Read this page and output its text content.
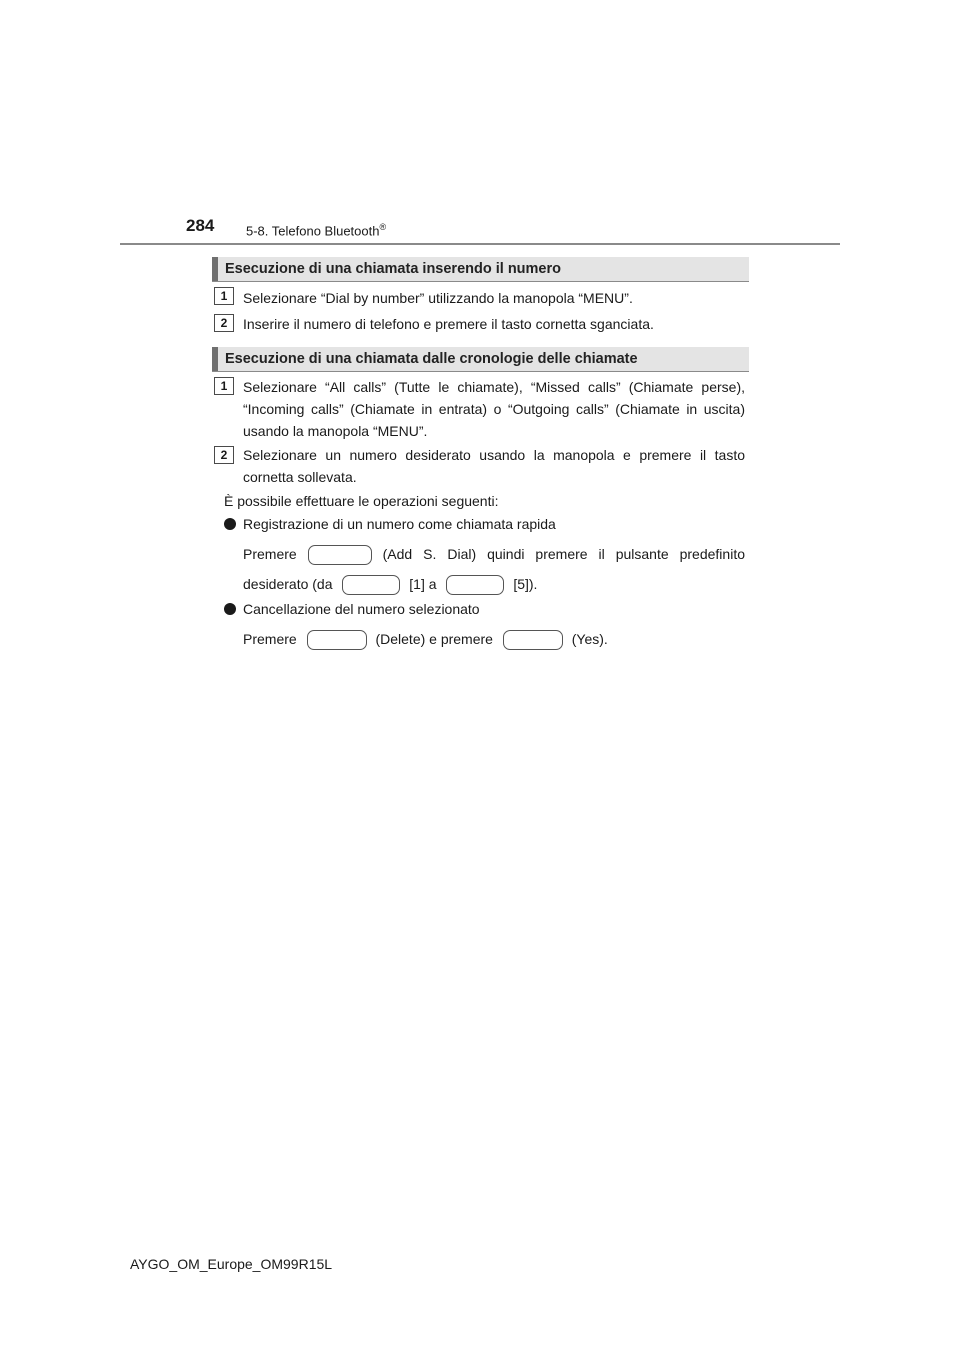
284 5-8. Telefono Bluetooth®
Esecuzione di una chiamata inserendo il numero
1	Selezionare “Dial by number” utilizzando la manopola “MENU”.
2	Inserire il numero di telefono e premere il tasto cornetta sganciata.
Esecuzione di una chiamata dalle cronologie delle chiamate
1	Selezionare “All calls” (Tutte le chiamate), “Missed calls” (Chiamate perse), “Incoming calls” (Chiamate in entrata) o “Outgoing calls” (Chiamate in uscita) usando la manopola “MENU”.
2	Selezionare un numero desiderato usando la manopola e premere il tasto cornetta sollevata.
È possibile effettuare le operazioni seguenti:
Registrazione di un numero come chiamata rapida
Premere	(Add S. Dial) quindi premere il pulsante predefinito
desiderato (da	[1] a	[5]).
Cancellazione del numero selezionato
Premere	(Delete) e premere	(Yes).
AYGO_OM_Europe_OM99R15L
